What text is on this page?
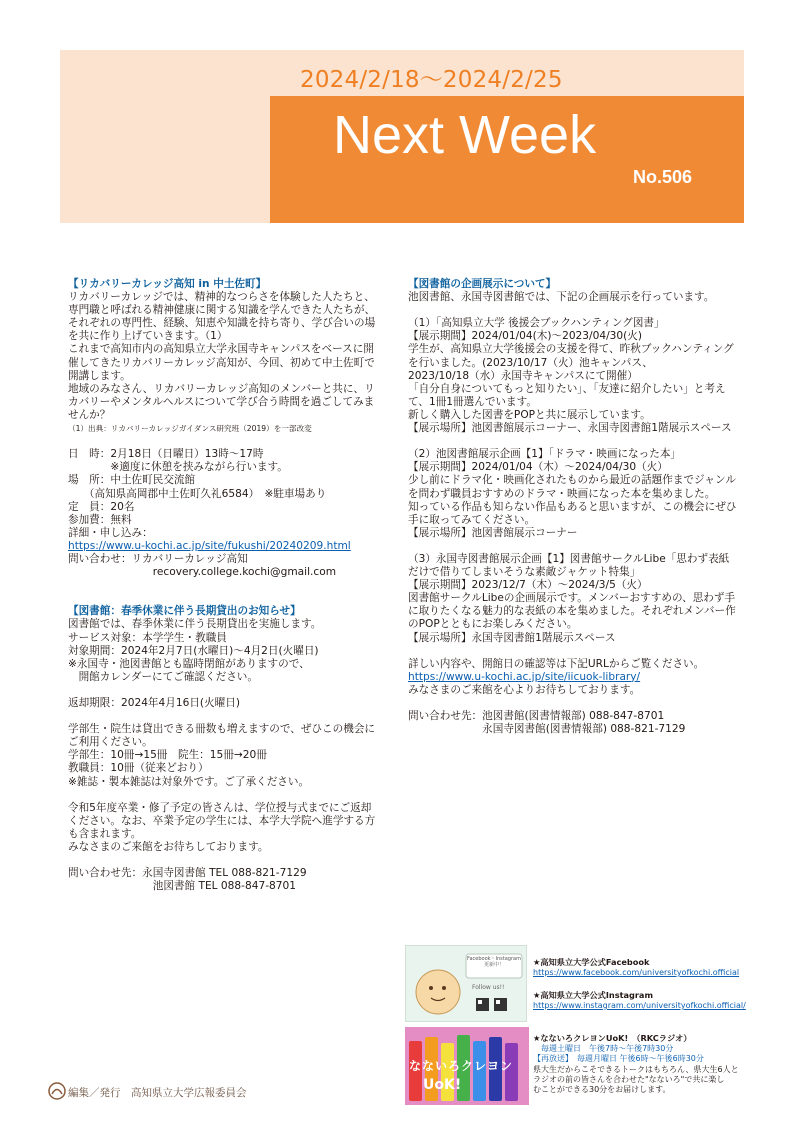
2024/2/18～2024/2/25
Next Week
No.506

【リカバリーカレッジ高知 in 中土佐町】

リカバリーカレッジでは、精神的なつらさを体験した人たちと、

専門職と呼ばれる精神健康に関する知識を学んできた人たちが、

それぞれの専門性、経験、知恵や知識を持ち寄り、学び合いの場

を共に作り上げていきます。（1）

これまで高知市内の高知県立大学永国寺キャンパスをベースに開

催してきたリカバリーカレッジ高知が、今回、初めて中土佐町で

開講します。

地域のみなさん、リカバリーカレッジ高知のメンバーと共に、リ

カバリーやメンタルヘルスについて学び合う時間を過ごしてみま

せんか？

（1）出典：リカバリーカレッジガイダンス研究班（2019）を一部改変

日　時：2月18日（日曜日）13時～17時

　　　　※適度に休憩を挟みながら行います。

場　所：中土佐町民交流館

　　（高知県高岡郡中土佐町久礼6584）　※駐車場あり

定　員：20名

参加費：無料

詳細・申し込み：

https://www.u-kochi.ac.jp/site/fukushi/20240209.html

問い合わせ：リカバリーカレッジ高知

　　　　　　　　recovery.college.kochi@gmail.com

【図書館：春季休業に伴う長期貸出のお知らせ】

図書館では、春季休業に伴う長期貸出を実施します。

サービス対象：本学学生・教職員

対象期間：2024年2月7日(水曜日)～4月2日(火曜日)

※永国寺・池図書館とも臨時閉館がありますので、

　開館カレンダーにてご確認ください。

返却期限：2024年4月16日(火曜日)

学部生・院生は貸出できる冊数も増えますので、ぜひこの機会に

ご利用ください。

学部生：10冊→15冊　院生：15冊→20冊

教職員：10冊（従来どおり）

※雑誌・製本雑誌は対象外です。ご了承ください。

令和5年度卒業・修了予定の皆さんは、学位授与式までにご返却

ください。なお、卒業予定の学生には、本学大学院へ進学する方

も含まれます。

みなさまのご来館をお待ちしております。

問い合わせ先：永国寺図書館 TEL 088-821-7129

　　　　　　　　池図書館 TEL 088-847-8701

【図書館の企画展示について】

池図書館、永国寺図書館では、下記の企画展示を行っています。

（1）「高知県立大学 後援会ブックハンティング図書」

【展示期間】2024/01/04(木)～2023/04/30(火)

学生が、高知県立大学後援会の支援を得て、昨秋ブックハンティング

を行いました。(2023/10/17（火）池キャンパス、

2023/10/18（水）永国寺キャンパスにて開催）

「自分自身についてもっと知りたい」、「友達に紹介したい」と考え

て、1冊1冊選んでいます。

新しく購入した図書をPOPと共に展示しています。

【展示場所】池図書館展示コーナー、永国寺図書館1階展示スペース

（2）池図書館展示企画【1】「ドラマ・映画になった本」

【展示期間】2024/01/04（木）～2024/04/30（火）

少し前にドラマ化・映画化されたものから最近の話題作までジャンル

を問わず職員おすすめのドラマ・映画になった本を集めました。

知っている作品も知らない作品もあると思いますが、この機会にぜひ

手に取ってみてください。

【展示場所】池図書館展示コーナー

（3）永国寺図書館展示企画【1】図書館サークルLibe「思わず表紙

だけで借りてしまいそうな素敵ジャケット特集」

【展示期間】2023/12/7（木）～2024/3/5（火）

図書館サークルLibeの企画展示です。メンバーおすすめの、思わず手

に取りたくなる魅力的な表紙の本を集めました。それぞれメンバー作

のPOPとともにお楽しみください。

【展示場所】永国寺図書館1階展示スペース

詳しい内容や、開館日の確認等は下記URLからご覧ください。

https://www.u-kochi.ac.jp/site/iicuok-library/

みなさまのご来館を心よりお待ちしております。

問い合わせ先：池図書館(図書情報部) 088-847-8701

　　　　　　　永国寺図書館(図書情報部) 088-821-7129

Facebook・Instagram
更新中！
Follow us!!
★高知県立大学公式Facebook
https://www.facebook.com/universityofkochi.official
★高知県立大学公式Instagram
https://www.instagram.com/universityofkochi.official/
なないろクレヨン
UoK!
★なないろクレヨンUoK!　（RKCラジオ）
　毎週土曜日　午後7時～午後7時30分
【再放送】　毎週月曜日 午後6時～午後6時30分
県大生だからこそできるトークはもちろん、県大生6人と
ラジオの前の皆さんを合わせた"なないろ"で共に楽し
むことができる30分をお届けします。
編集／発行　高知県立大学広報委員会
